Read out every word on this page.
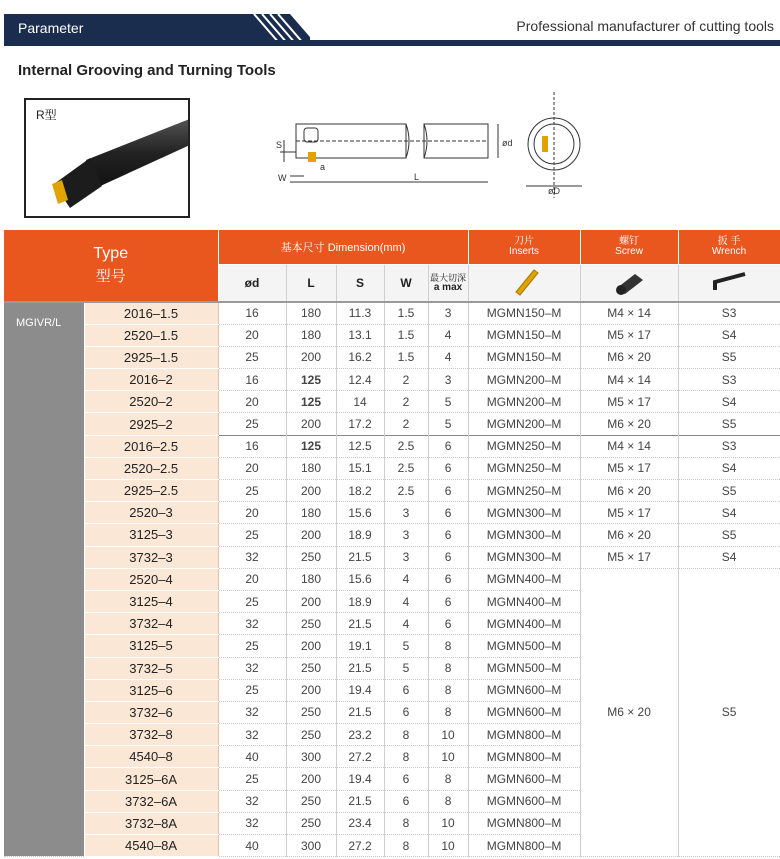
Parameter	Professional manufacturer of cutting tools
Internal Grooving and Turning Tools
R型
S
W
a
L
ød
øD
Type
型号		基本尺寸 Dimension(mm)					刀片
Inserts	螺钉
Screw	扳 手
Wrench

		ød	L	S	W	最大切深
a max

MGIVR/L	2016–1.5	16	180	11.3	1.5	3	MGMN150–M	M4 × 14	S3
	2520–1.5	20	180	13.1	1.5	4	MGMN150–M	M5 × 17	S4
	2925–1.5	25	200	16.2	1.5	4	MGMN150–M	M6 × 20	S5
	2016–2	16	125	12.4	2	3	MGMN200–M	M4 × 14	S3
	2520–2	20	125	14	2	5	MGMN200–M	M5 × 17	S4
	2925–2	25	200	17.2	2	5	MGMN200–M	M6 × 20	S5
	2016–2.5	16	125	12.5	2.5	6	MGMN250–M	M4 × 14	S3
	2520–2.5	20	180	15.1	2.5	6	MGMN250–M	M5 × 17	S4
	2925–2.5	25	200	18.2	2.5	6	MGMN250–M	M6 × 20	S5
	2520–3	20	180	15.6	3	6	MGMN300–M	M5 × 17	S4
	3125–3	25	200	18.9	3	6	MGMN300–M	M6 × 20	S5
	3732–3	32	250	21.5	3	6	MGMN300–M	M5 × 17	S4
	2520–4	20	180	15.6	4	6	MGMN400–M	M6 × 20	S5
	3125–4	25	200	18.9	4	6	MGMN400–M		
	3732–4	32	250	21.5	4	6	MGMN400–M		
	3125–5	25	200	19.1	5	8	MGMN500–M		
	3732–5	32	250	21.5	5	8	MGMN500–M		
	3125–6	25	200	19.4	6	8	MGMN600–M		
	3732–6	32	250	21.5	6	8	MGMN600–M		
	3732–8	32	250	23.2	8	10	MGMN800–M		
	4540–8	40	300	27.2	8	10	MGMN800–M		
	3125–6A	25	200	19.4	6	8	MGMN600–M		
	3732–6A	32	250	21.5	6	8	MGMN600–M		
	3732–8A	32	250	23.4	8	10	MGMN800–M		
	4540–8A	40	300	27.2	8	10	MGMN800–M		
